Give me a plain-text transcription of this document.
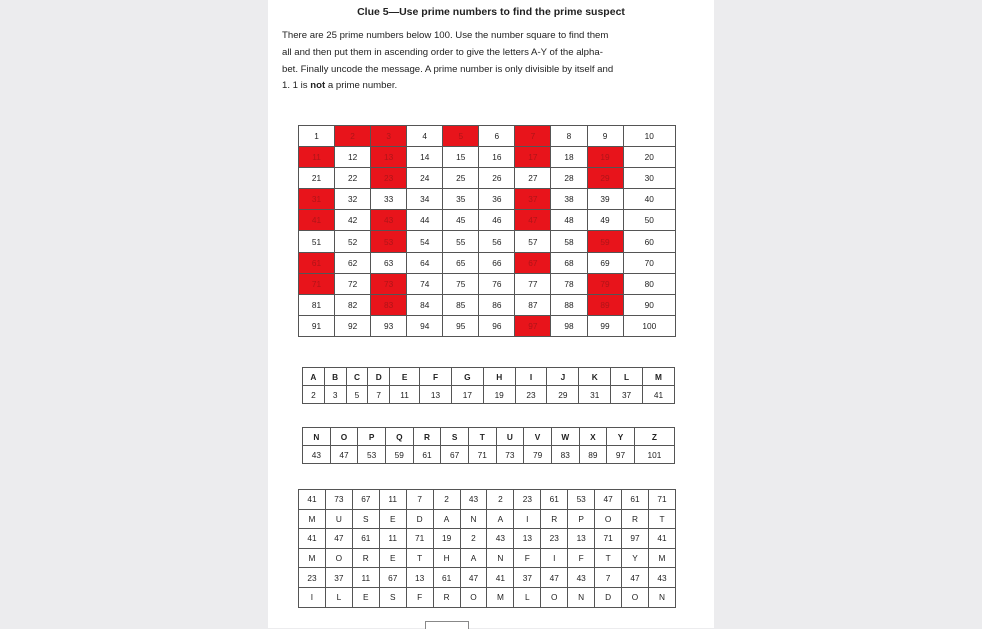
Clue 5—Use prime numbers to find the prime suspect
There are 25 prime numbers below 100. Use the number square to find them
all and then put them in ascending order to give the letters A-Y of the alpha-
bet. Finally uncode the message. A prime number is only divisible by itself and
1. 1 is not a prime number.
1	2	3	4	5	6	7	8	9	10
11	12	13	14	15	16	17	18	19	20
21	22	23	24	25	26	27	28	29	30
31	32	33	34	35	36	37	38	39	40
41	42	43	44	45	46	47	48	49	50
51	52	53	54	55	56	57	58	59	60
61	62	63	64	65	66	67	68	69	70
71	72	73	74	75	76	77	78	79	80
81	82	83	84	85	86	87	88	89	90
91	92	93	94	95	96	97	98	99	100
A	B	C	D	E	F	G	H	I	J	K	L	M
2	3	5	7	11	13	17	19	23	29	31	37	41
N	O	P	Q	R	S	T	U	V	W	X	Y	Z
43	47	53	59	61	67	71	73	79	83	89	97	101
41	73	67	11	7	2	43	2	23	61	53	47	61	71
M	U	S	E	D	A	N	A	I	R	P	O	R	T
41	47	61	11	71	19	2	43	13	23	13	71	97	41
M	O	R	E	T	H	A	N	F	I	F	T	Y	M
23	37	11	67	13	61	47	41	37	47	43	7	47	43
I	L	E	S	F	R	O	M	L	O	N	D	O	N
